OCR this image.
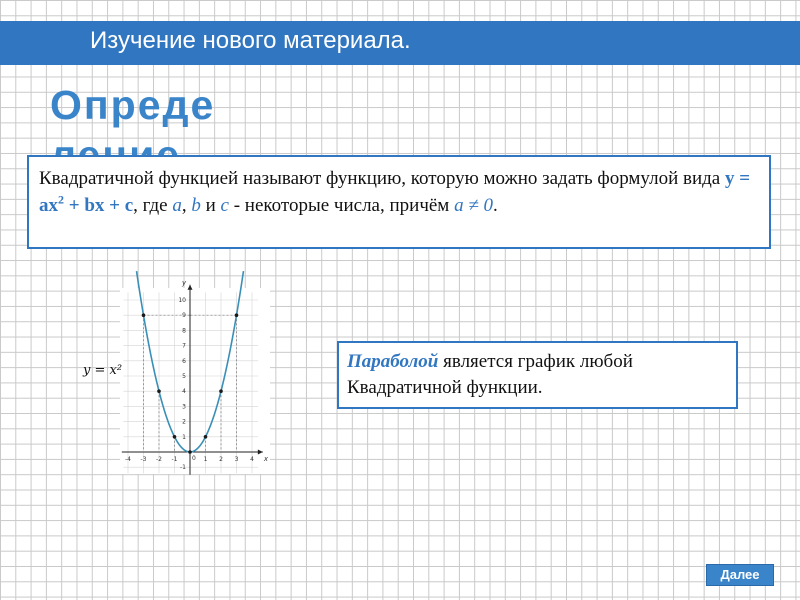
Изучение нового материала.
Опреде
Квадратичной функцией называют функцию, которую можно задать формулой вида $y = ax^2$ + bx + c, где a, b и c - некоторые числа, причём a ≠ 0.
-4 -3 -2 -1	1 2 3 4
-1
1
2
3
4
5
6
7
8
9
10
y = x²
y
x
0
Параболой является график любой Квадратичной функции.
Далее
